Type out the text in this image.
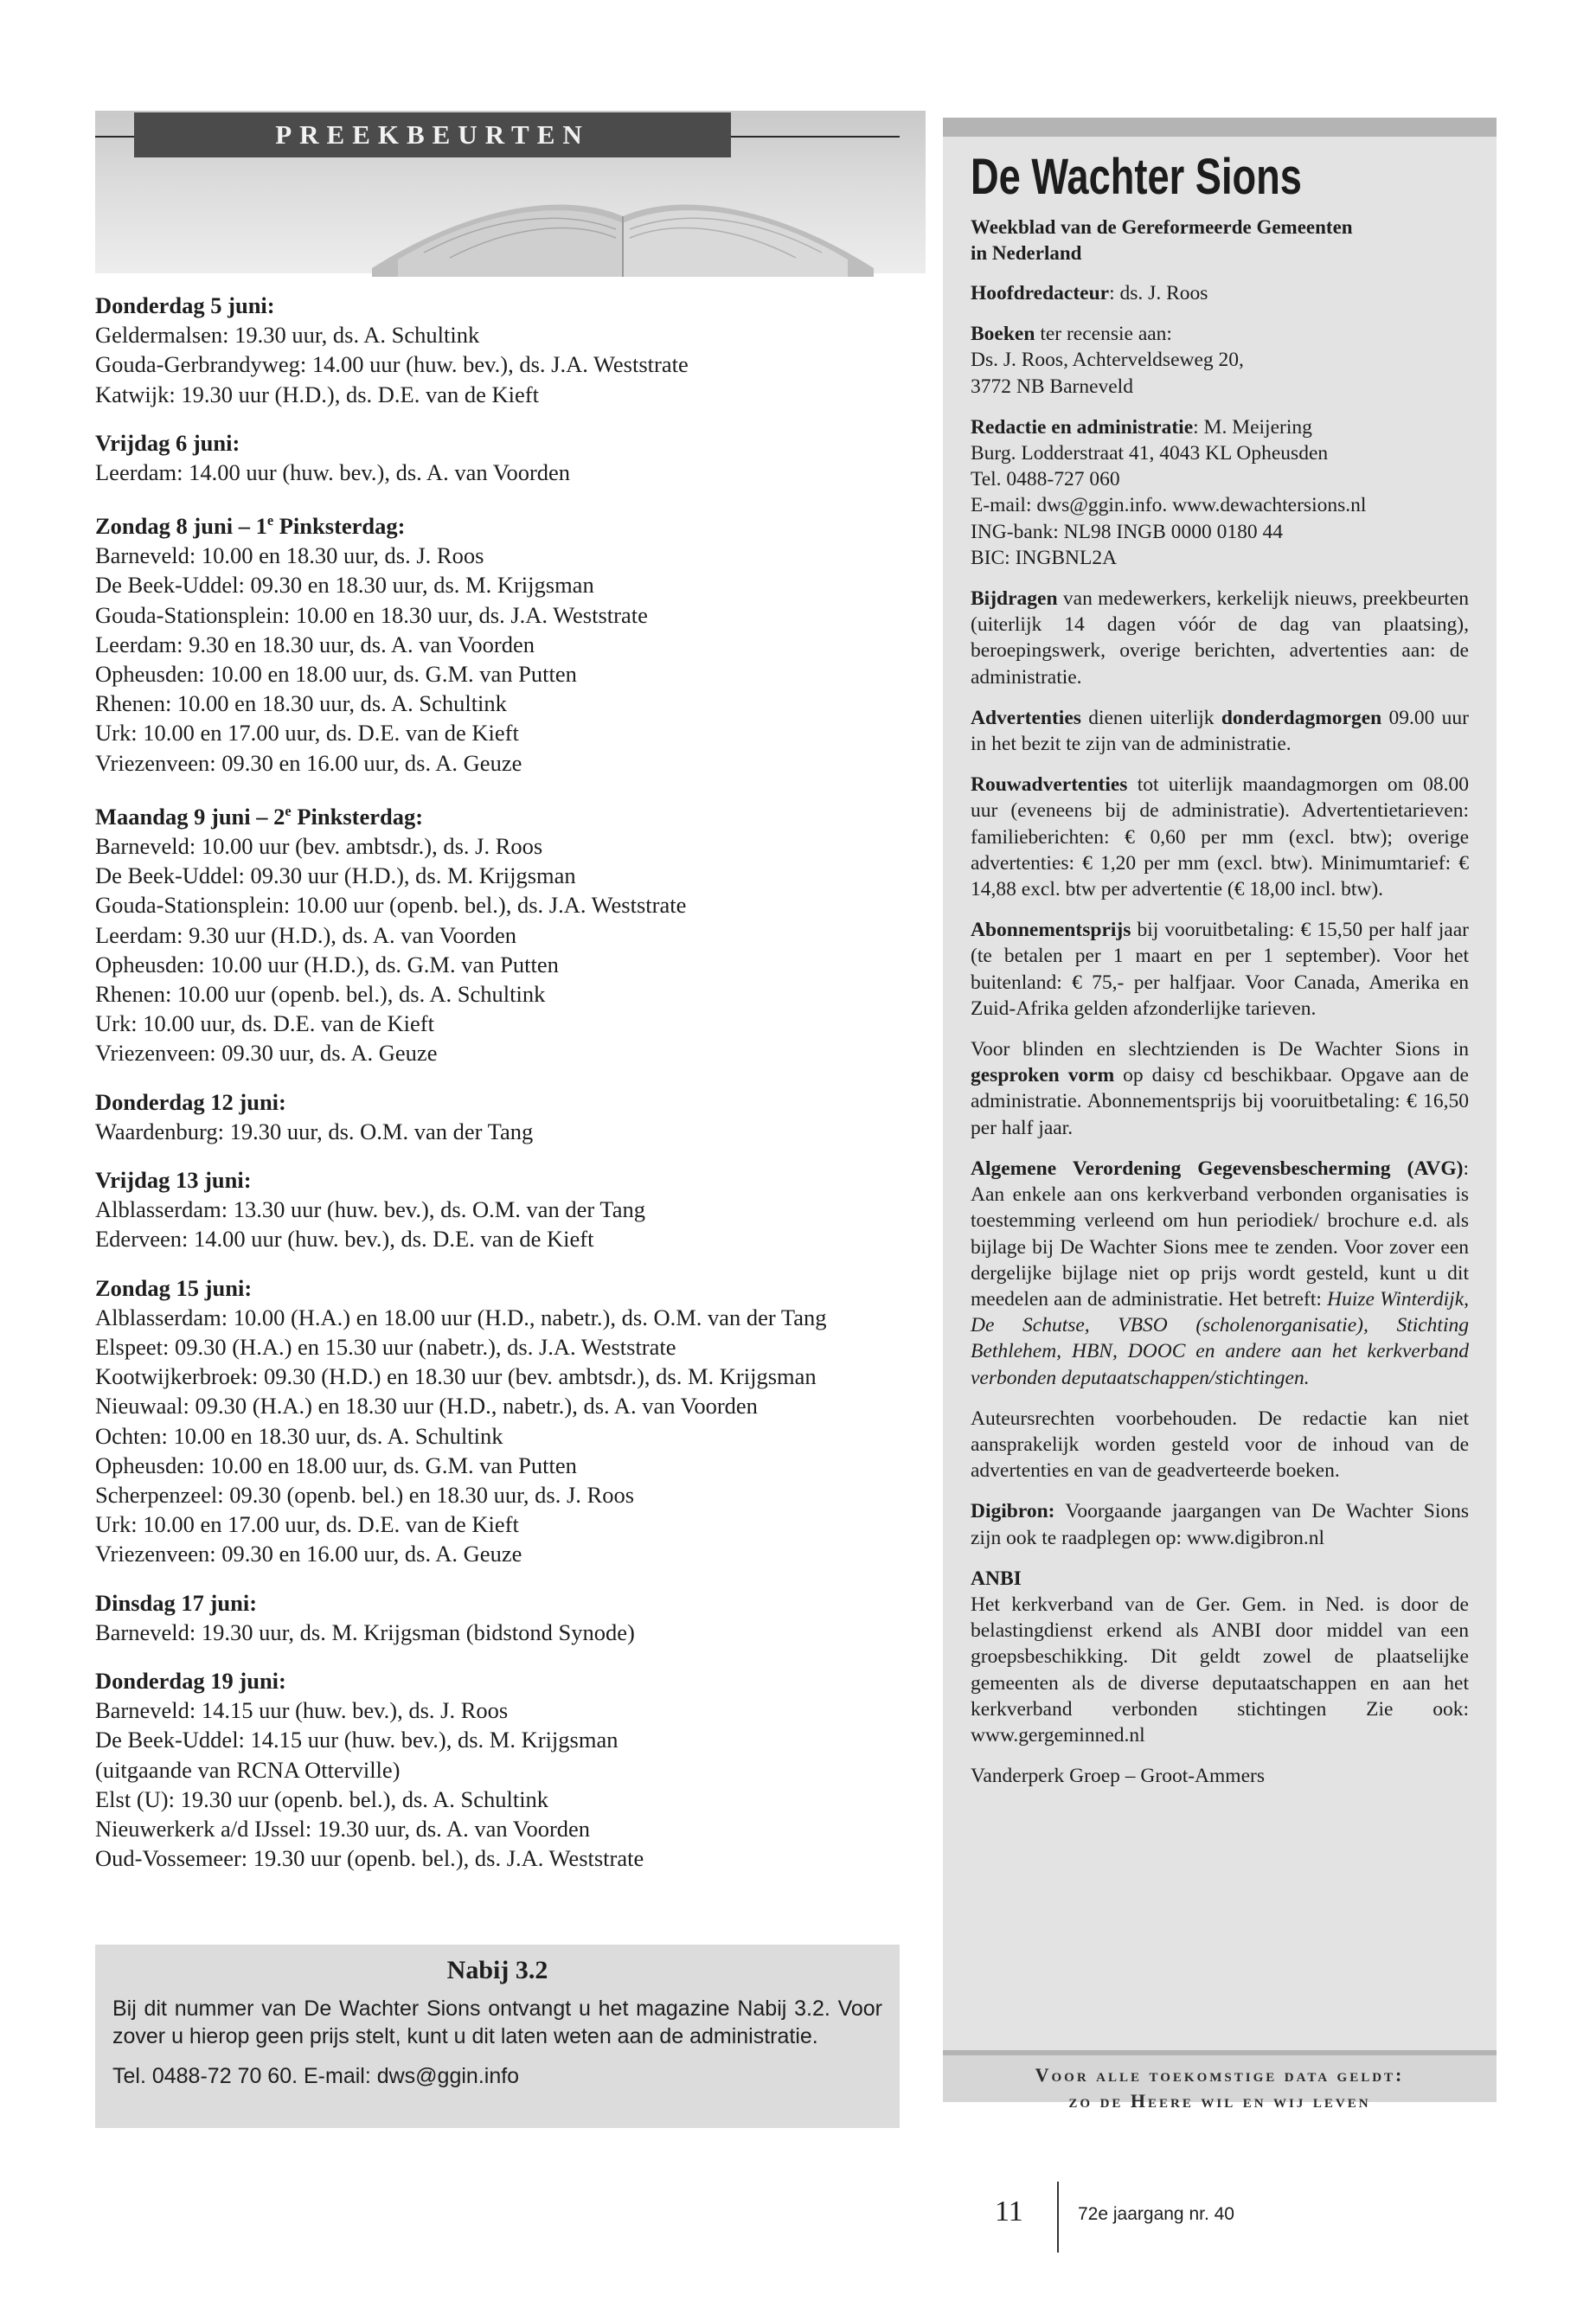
PREEKBEURTEN
Donderdag 5 juni:
Geldermalsen: 19.30 uur, ds. A. Schultink
Gouda-Gerbrandyweg: 14.00 uur (huw. bev.), ds. J.A. Weststrate
Katwijk: 19.30 uur (H.D.), ds. D.E. van de Kieft
Vrijdag 6 juni:
Leerdam: 14.00 uur (huw. bev.), ds. A. van Voorden
Zondag 8 juni – 1e Pinksterdag:
Barneveld: 10.00 en 18.30 uur, ds. J. Roos
De Beek-Uddel: 09.30 en 18.30 uur, ds. M. Krijgsman
Gouda-Stationsplein: 10.00 en 18.30 uur, ds. J.A. Weststrate
Leerdam: 9.30 en 18.30 uur, ds. A. van Voorden
Opheusden: 10.00 en 18.00 uur, ds. G.M. van Putten
Rhenen: 10.00 en 18.30 uur, ds. A. Schultink
Urk: 10.00 en 17.00 uur, ds. D.E. van de Kieft
Vriezenveen: 09.30 en 16.00 uur, ds. A. Geuze
Maandag 9 juni – 2e Pinksterdag:
Barneveld: 10.00 uur (bev. ambtsdr.), ds. J. Roos
De Beek-Uddel: 09.30 uur (H.D.), ds. M. Krijgsman
Gouda-Stationsplein: 10.00 uur (openb. bel.), ds. J.A. Weststrate
Leerdam: 9.30 uur (H.D.), ds. A. van Voorden
Opheusden: 10.00 uur (H.D.), ds. G.M. van Putten
Rhenen: 10.00 uur (openb. bel.), ds. A. Schultink
Urk: 10.00 uur, ds. D.E. van de Kieft
Vriezenveen: 09.30 uur, ds. A. Geuze
Donderdag 12 juni:
Waardenburg: 19.30 uur, ds. O.M. van der Tang
Vrijdag 13 juni:
Alblasserdam: 13.30 uur (huw. bev.), ds. O.M. van der Tang
Ederveen: 14.00 uur (huw. bev.), ds. D.E. van de Kieft
Zondag 15 juni:
Alblasserdam: 10.00 (H.A.) en 18.00 uur (H.D., nabetr.), ds. O.M. van der Tang
Elspeet: 09.30 (H.A.) en 15.30 uur (nabetr.), ds. J.A. Weststrate
Kootwijkerbroek: 09.30 (H.D.) en 18.30 uur (bev. ambtsdr.), ds. M. Krijgsman
Nieuwaal: 09.30 (H.A.) en 18.30 uur (H.D., nabetr.), ds. A. van Voorden
Ochten: 10.00 en 18.30 uur, ds. A. Schultink
Opheusden: 10.00 en 18.00 uur, ds. G.M. van Putten
Scherpenzeel: 09.30 (openb. bel.) en 18.30 uur, ds. J. Roos
Urk: 10.00 en 17.00 uur, ds. D.E. van de Kieft
Vriezenveen: 09.30 en 16.00 uur, ds. A. Geuze
Dinsdag 17 juni:
Barneveld: 19.30 uur, ds. M. Krijgsman (bidstond Synode)
Donderdag 19 juni:
Barneveld: 14.15 uur (huw. bev.), ds. J. Roos
De Beek-Uddel: 14.15 uur (huw. bev.), ds. M. Krijgsman
(uitgaande van RCNA Otterville)
Elst (U): 19.30 uur (openb. bel.), ds. A. Schultink
Nieuwerkerk a/d IJssel: 19.30 uur, ds. A. van Voorden
Oud-Vossemeer: 19.30 uur (openb. bel.), ds. J.A. Weststrate
Nabij 3.2
Bij dit nummer van De Wachter Sions ontvangt u het magazine Nabij 3.2. Voor zover u hierop geen prijs stelt, kunt u dit laten weten aan de administratie.
Tel. 0488-72 70 60. E-mail: dws@ggin.info
De Wachter Sions
Weekblad van de Gereformeerde Gemeenten
in Nederland
Hoofdredacteur: ds. J. Roos
Boeken ter recensie aan:
Ds. J. Roos, Achterveldseweg 20,
3772 NB Barneveld
Redactie en administratie: M. Meijering
Burg. Lodderstraat 41, 4043 KL Opheusden
Tel. 0488-727 060
E-mail: dws@ggin.info. www.dewachtersions.nl
ING-bank: NL98 INGB 0000 0180 44
BIC: INGBNL2A
Bijdragen van medewerkers, kerkelijk nieuws, preekbeurten (uiterlijk 14 dagen vóór de dag van plaatsing), beroepingswerk, overige berichten, advertenties aan: de administratie.
Advertenties dienen uiterlijk donderdagmorgen 09.00 uur in het bezit te zijn van de administratie.
Rouwadvertenties tot uiterlijk maandagmorgen om 08.00 uur (eveneens bij de administratie). Advertentietarieven: familieberichten: € 0,60 per mm (excl. btw); overige advertenties: € 1,20 per mm (excl. btw). Minimumtarief: € 14,88 excl. btw per advertentie (€ 18,00 incl. btw).
Abonnementsprijs bij vooruitbetaling: € 15,50 per half jaar (te betalen per 1 maart en per 1 september). Voor het buitenland: € 75,- per halfjaar. Voor Canada, Amerika en Zuid-Afrika gelden afzonderlijke tarieven.
Voor blinden en slechtzienden is De Wachter Sions in gesproken vorm op daisy cd beschikbaar. Opgave aan de administratie. Abonnementsprijs bij vooruitbetaling: € 16,50 per half jaar.
Algemene Verordening Gegevensbescherming (AVG): Aan enkele aan ons kerkverband verbonden organisaties is toestemming verleend om hun periodiek/ brochure e.d. als bijlage bij De Wachter Sions mee te zenden. Voor zover een dergelijke bijlage niet op prijs wordt gesteld, kunt u dit meedelen aan de administratie. Het betreft: Huize Winterdijk, De Schutse, VBSO (scholenorganisatie), Stichting Bethlehem, HBN, DOOC en andere aan het kerkverband verbonden deputaatschappen/stichtingen.
Auteursrechten voorbehouden. De redactie kan niet aansprakelijk worden gesteld voor de inhoud van de advertenties en van de geadverteerde boeken.
Digibron: Voorgaande jaargangen van De Wachter Sions zijn ook te raadplegen op: www.digibron.nl
ANBI
Het kerkverband van de Ger. Gem. in Ned. is door de belastingdienst erkend als ANBI door middel van een groepsbeschikking. Dit geldt zowel de plaatselijke gemeenten als de diverse deputaatschappen en aan het kerkverband verbonden stichtingen Zie ook: www.gergeminned.nl
Vanderperk Groep – Groot-Ammers
Voor alle toekomstige data geldt:
zo de Heere wil en wij leven
11	72e jaargang nr. 40
